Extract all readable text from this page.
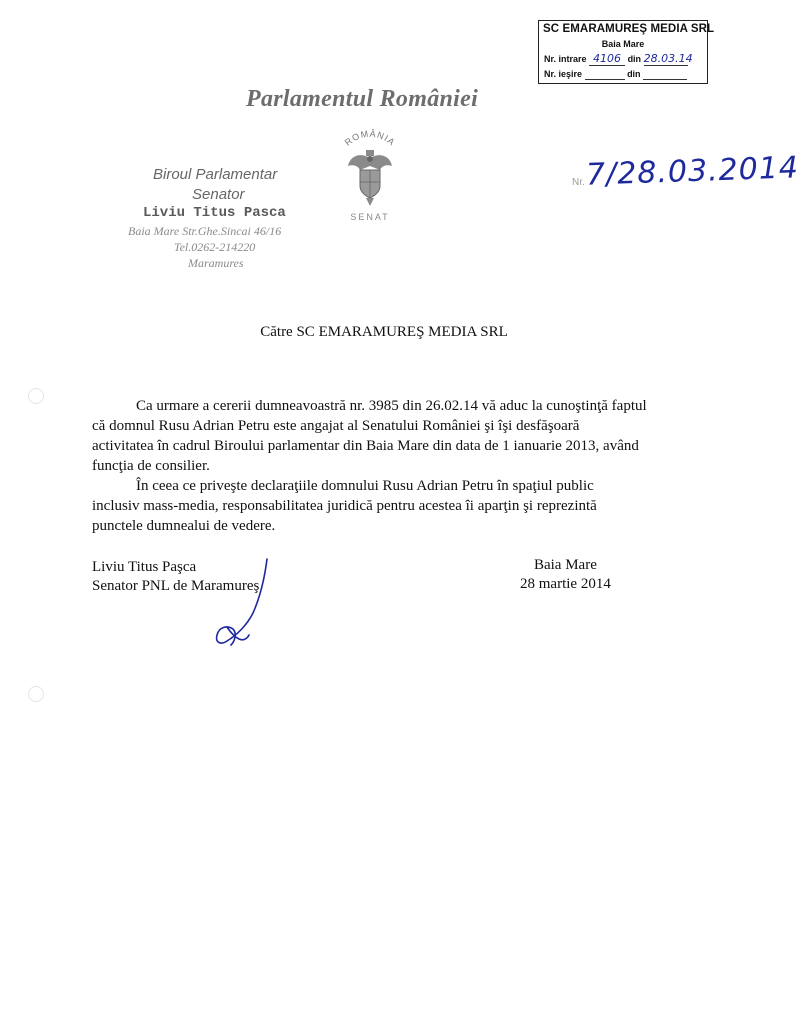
SC EMARAMUREŞ MEDIA SRL
Baia Mare
Nr. intrare 4106 din 28.03.14
Nr. ieşire	din
Parlamentul României
Biroul Parlamentar
Senator
Liviu Titus Pasca
Baia Mare Str.Ghe.Sincai 46/16
Tel.0262-214220
Maramures
ROMÂNIA
SENAT
Nr. 7/28.03.2014
Către SC EMARAMUREŞ MEDIA SRL
Ca urmare a cererii dumneavoastră nr. 3985 din 26.02.14 vă aduc la cunoştinţă faptul
că domnul Rusu Adrian Petru este angajat al Senatului României şi îşi desfăşoară
activitatea în cadrul Biroului parlamentar din Baia Mare din data de 1 ianuarie 2013, având
funcţia de consilier.
În ceea ce priveşte declaraţiile domnului Rusu Adrian Petru în spaţiul public
inclusiv mass-media, responsabilitatea juridică pentru acestea îi aparţin şi reprezintă
punctele dumnealui de vedere.
Liviu Titus Paşca
Senator PNL de Maramureş
Baia Mare
28 martie 2014
